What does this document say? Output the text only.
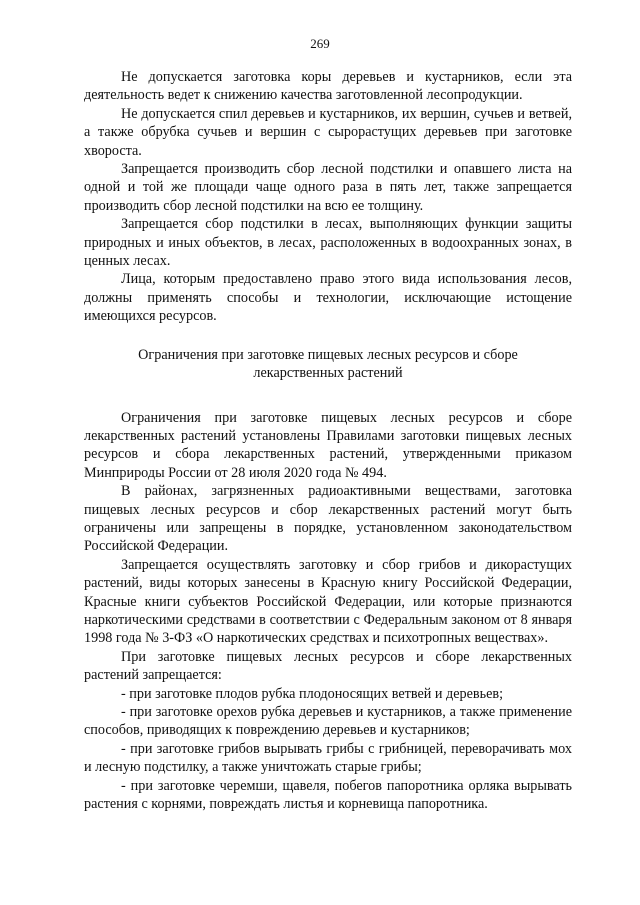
269

Не допускается заготовка коры деревьев и кустарников, если эта деятельность ведет к снижению качества заготовленной лесопродукции.

Не допускается спил деревьев и кустарников, их вершин, сучьев и ветвей, а также обрубка сучьев и вершин с сырорастущих деревьев при заготовке хвороста.

Запрещается производить сбор лесной подстилки и опавшего листа на одной и той же площади чаще одного раза в пять лет, также запрещается производить сбор лесной подстилки на всю ее толщину.

Запрещается сбор подстилки в лесах, выполняющих функции защиты природных и иных объектов, в лесах, расположенных в водоохранных зонах, в ценных лесах.

Лица, которым предоставлено право этого вида использования лесов, должны применять способы и технологии, исключающие истощение имеющихся ресурсов.

Ограничения при заготовке пищевых лесных ресурсов и сборе лекарственных растений

Ограничения при заготовке пищевых лесных ресурсов и сборе лекарственных растений установлены Правилами заготовки пищевых лесных ресурсов и сбора лекарственных растений, утвержденными приказом Минприроды России от 28 июля 2020 года № 494.

В районах, загрязненных радиоактивными веществами, заготовка пищевых лесных ресурсов и сбор лекарственных растений могут быть ограничены или запрещены в порядке, установленном законодательством Российской Федерации.

Запрещается осуществлять заготовку и сбор грибов и дикорастущих растений, виды которых занесены в Красную книгу Российской Федерации, Красные книги субъектов Российской Федерации, или которые признаются наркотическими средствами в соответствии с Федеральным законом от 8 января 1998 года № 3-ФЗ «О наркотических средствах и психотропных веществах».

При заготовке пищевых лесных ресурсов и сборе лекарственных растений запрещается:

- при заготовке плодов рубка плодоносящих ветвей и деревьев;

- при заготовке орехов рубка деревьев и кустарников, а также применение способов, приводящих к повреждению деревьев и кустарников;

- при заготовке грибов вырывать грибы с грибницей, переворачивать мох и лесную подстилку, а также уничтожать старые грибы;

- при заготовке черемши, щавеля, побегов папоротника орляка вырывать растения с корнями, повреждать листья и корневища папоротника.
